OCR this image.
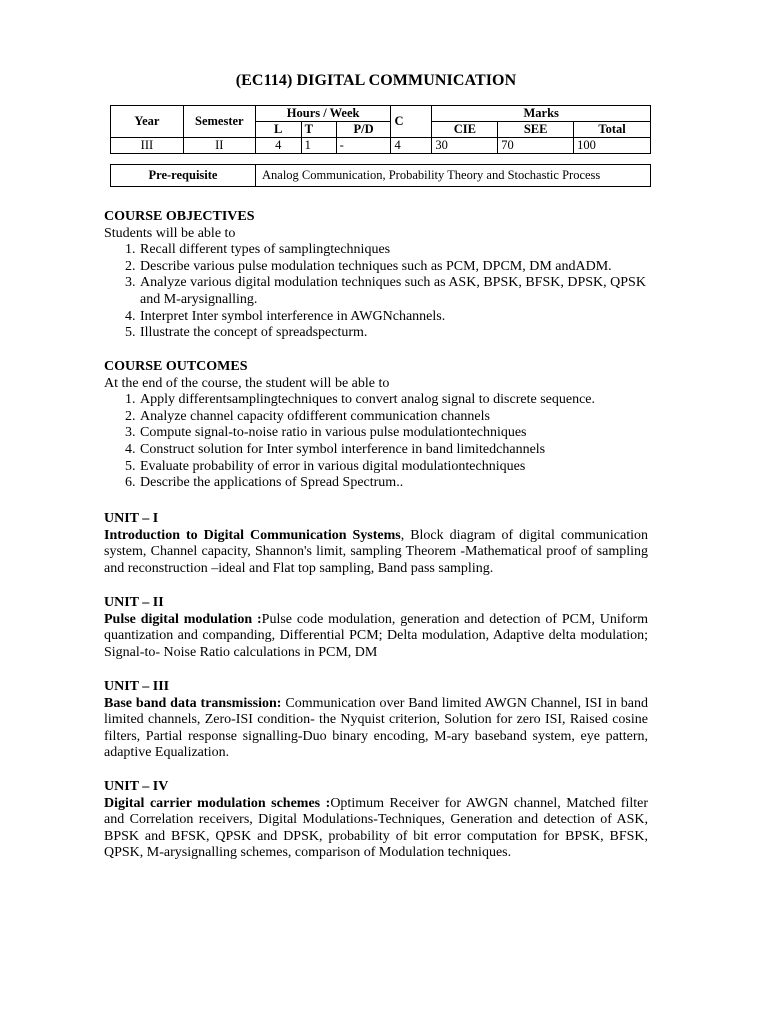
(EC114) DIGITAL COMMUNICATION
Year	Semester	Hours / Week			C	Marks		
		L	T	P/D		CIE	SEE	Total
III	II	4	1	-	4	30	70	100
Pre-requisite	Analog Communication, Probability Theory and Stochastic Process
COURSE OBJECTIVES
Students will be able to
1. Recall different types of samplingtechniques
2. Describe various pulse modulation techniques such as PCM, DPCM, DM andADM.
3. Analyze various digital modulation techniques such as ASK, BPSK, BFSK, DPSK, QPSK and M-arysignalling.
4. Interpret Inter symbol interference in AWGNchannels.
5. Illustrate the concept of spreadspecturm.
COURSE OUTCOMES
At the end of the course, the student will be able to
1. Apply differentsamplingtechniques to convert analog signal to discrete sequence.
2. Analyze channel capacity ofdifferent communication channels
3. Compute signal-to-noise ratio in various pulse modulationtechniques
4. Construct solution for Inter symbol interference in band limitedchannels
5. Evaluate probability of error in various digital modulationtechniques
6. Describe the applications of Spread Spectrum..
UNIT – I
Introduction to Digital Communication Systems, Block diagram of digital communication system, Channel capacity, Shannon's limit, sampling Theorem -Mathematical proof of sampling and reconstruction –ideal and Flat top sampling, Band pass sampling.
UNIT – II
Pulse digital modulation :Pulse code modulation, generation and detection of PCM, Uniform quantization and companding, Differential PCM; Delta modulation, Adaptive delta modulation; Signal-to- Noise Ratio calculations in PCM, DM
UNIT – III
Base band data transmission: Communication over Band limited AWGN Channel, ISI in band limited channels, Zero-ISI condition- the Nyquist criterion, Solution for zero ISI, Raised cosine filters, Partial response signalling-Duo binary encoding, M-ary baseband system, eye pattern, adaptive Equalization.
UNIT – IV
Digital carrier modulation schemes :Optimum Receiver for AWGN channel, Matched filter and Correlation receivers, Digital Modulations-Techniques, Generation and detection of ASK, BPSK and BFSK, QPSK and DPSK, probability of bit error computation for BPSK, BFSK, QPSK, M-arysignalling schemes, comparison of Modulation techniques.
